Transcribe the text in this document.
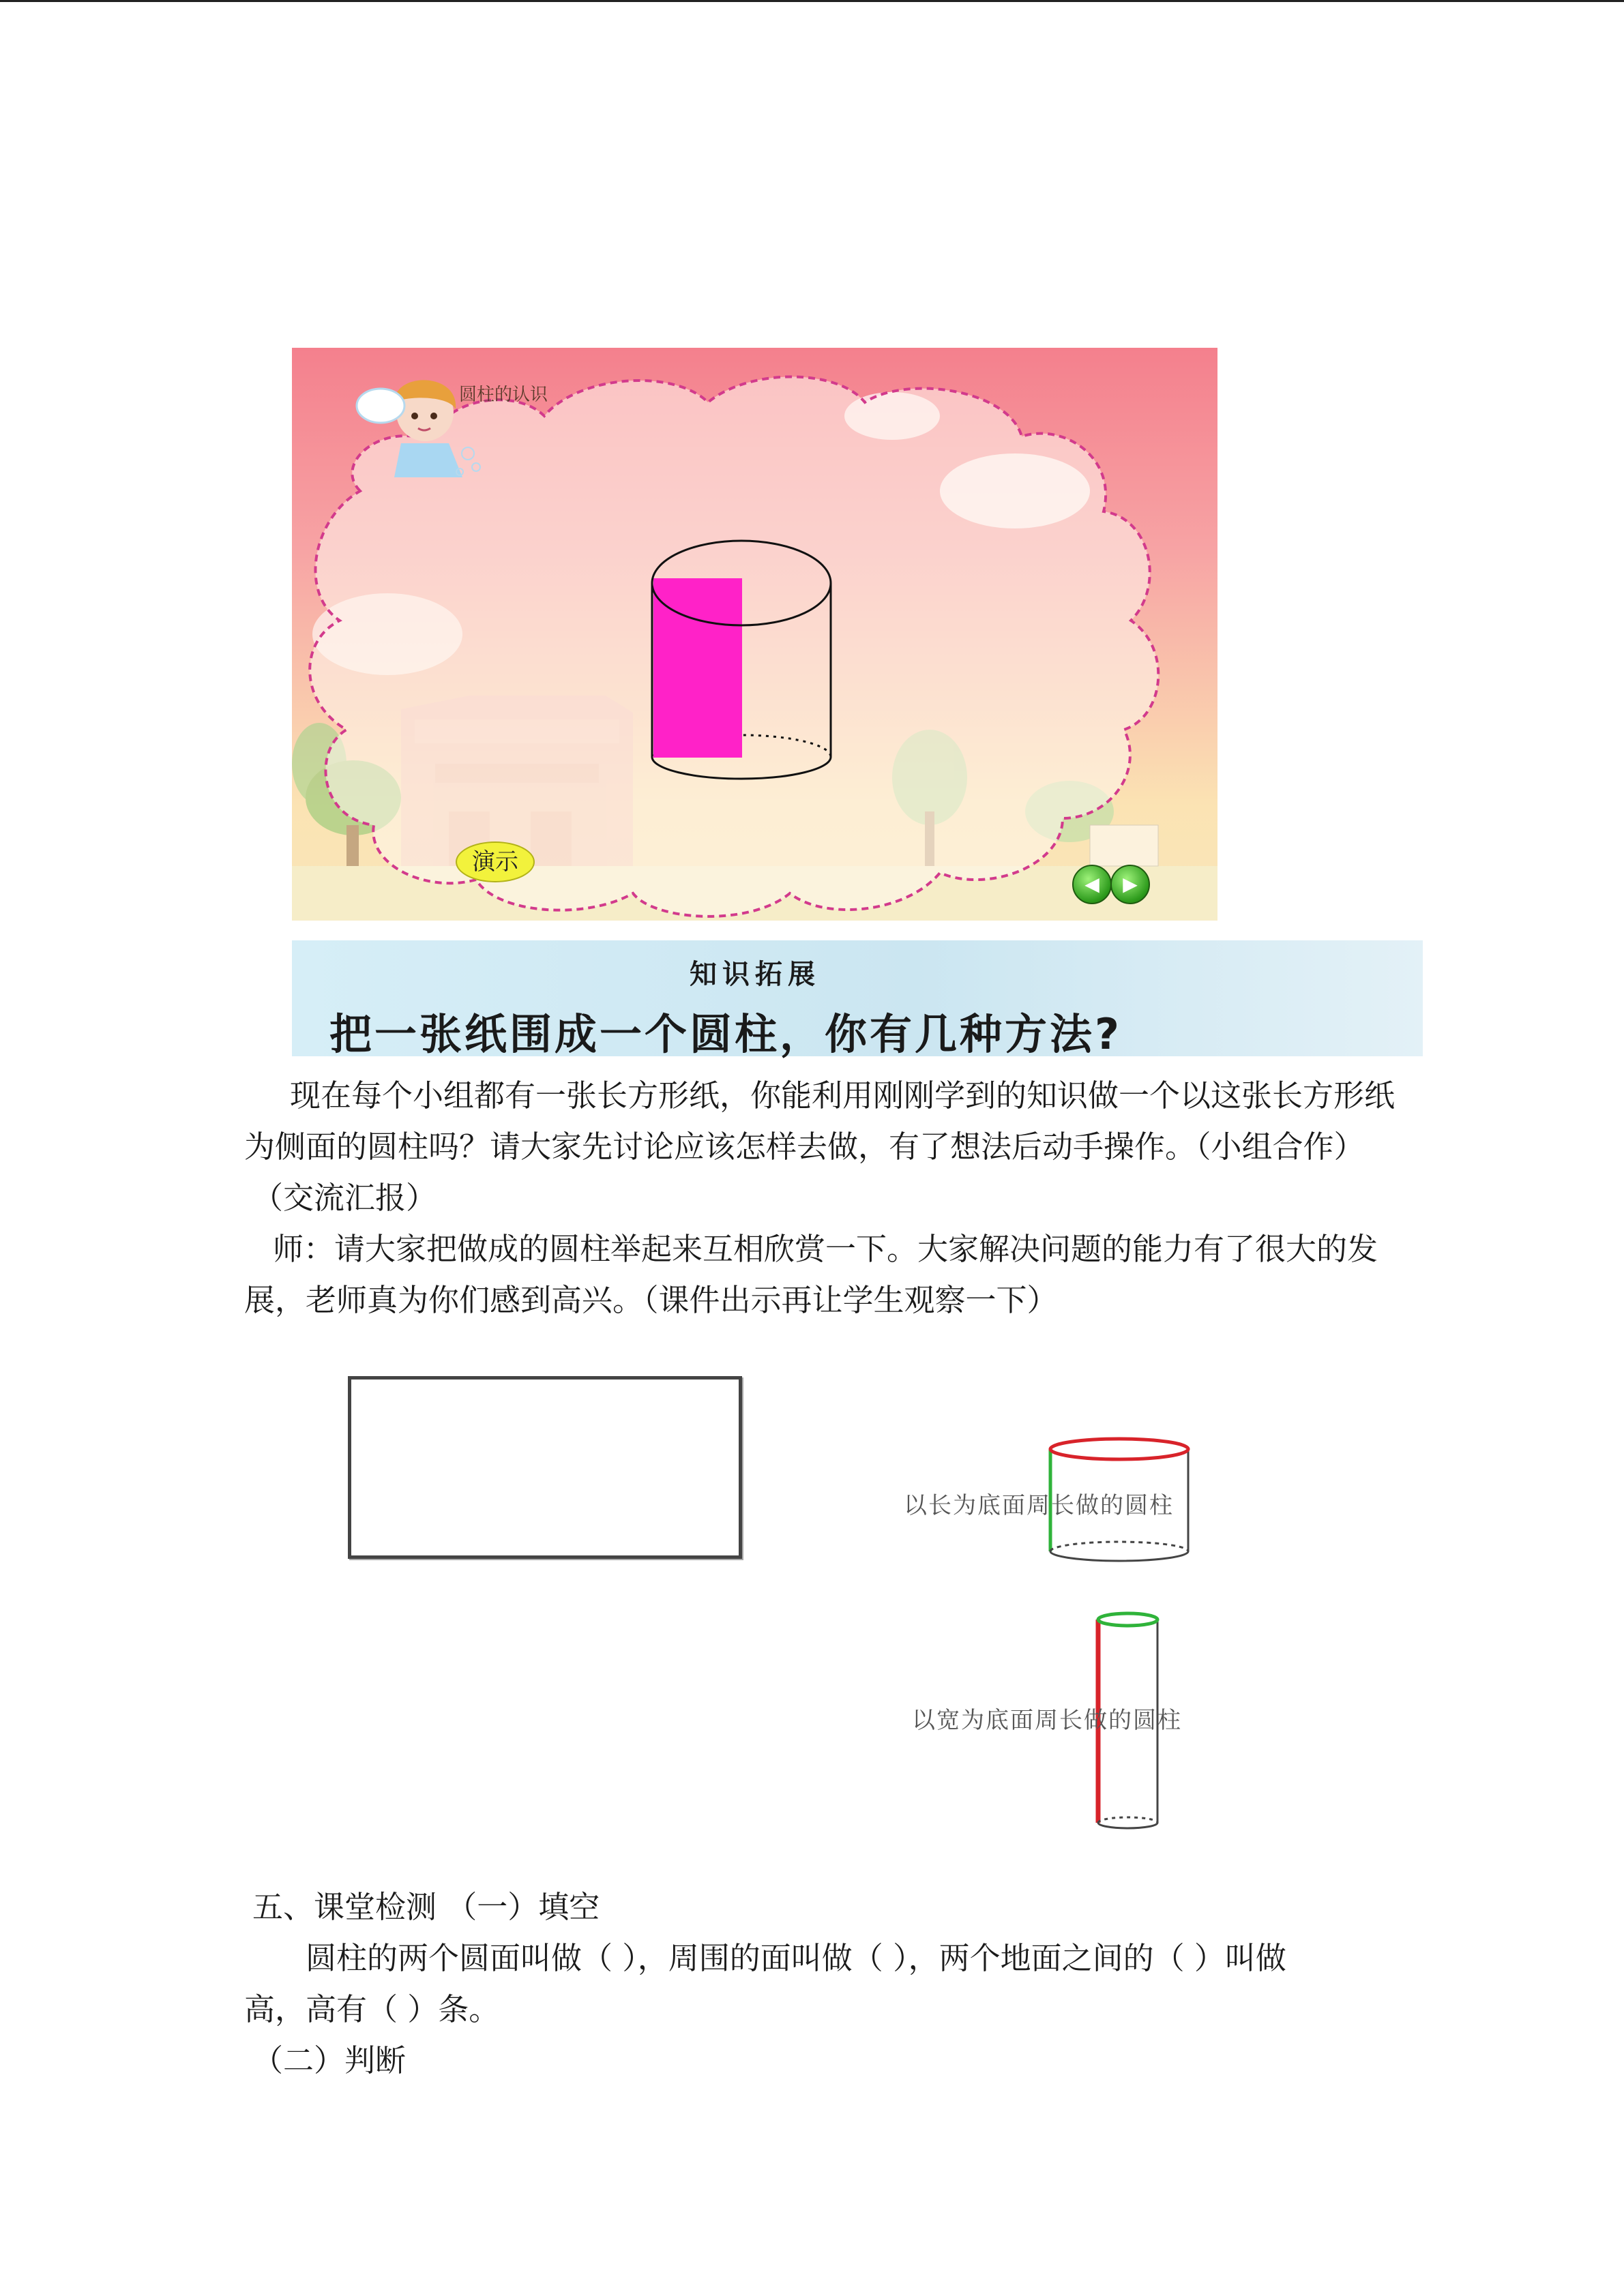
圆柱的认识
演示
◀	▶
知识拓展
把一张纸围成一个圆柱，你有几种方法?
现在每个小组都有一张长方形纸，你能利用刚刚学到的知识做一个以这张长方形纸
为侧面的圆柱吗？请大家先讨论应该怎样去做，有了想法后动手操作。（小组合作）
（交流汇报）
师：请大家把做成的圆柱举起来互相欣赏一下。大家解决问题的能力有了很大的发
展，老师真为你们感到高兴。（课件出示再让学生观察一下）
以长为底面周长做的圆柱
以宽为底面周长做的圆柱
五、课堂检测 （一）填空
圆柱的两个圆面叫做（ ），周围的面叫做（ ），两个地面之间的（ ）叫做
高，高有（ ）条。
（二）判断
